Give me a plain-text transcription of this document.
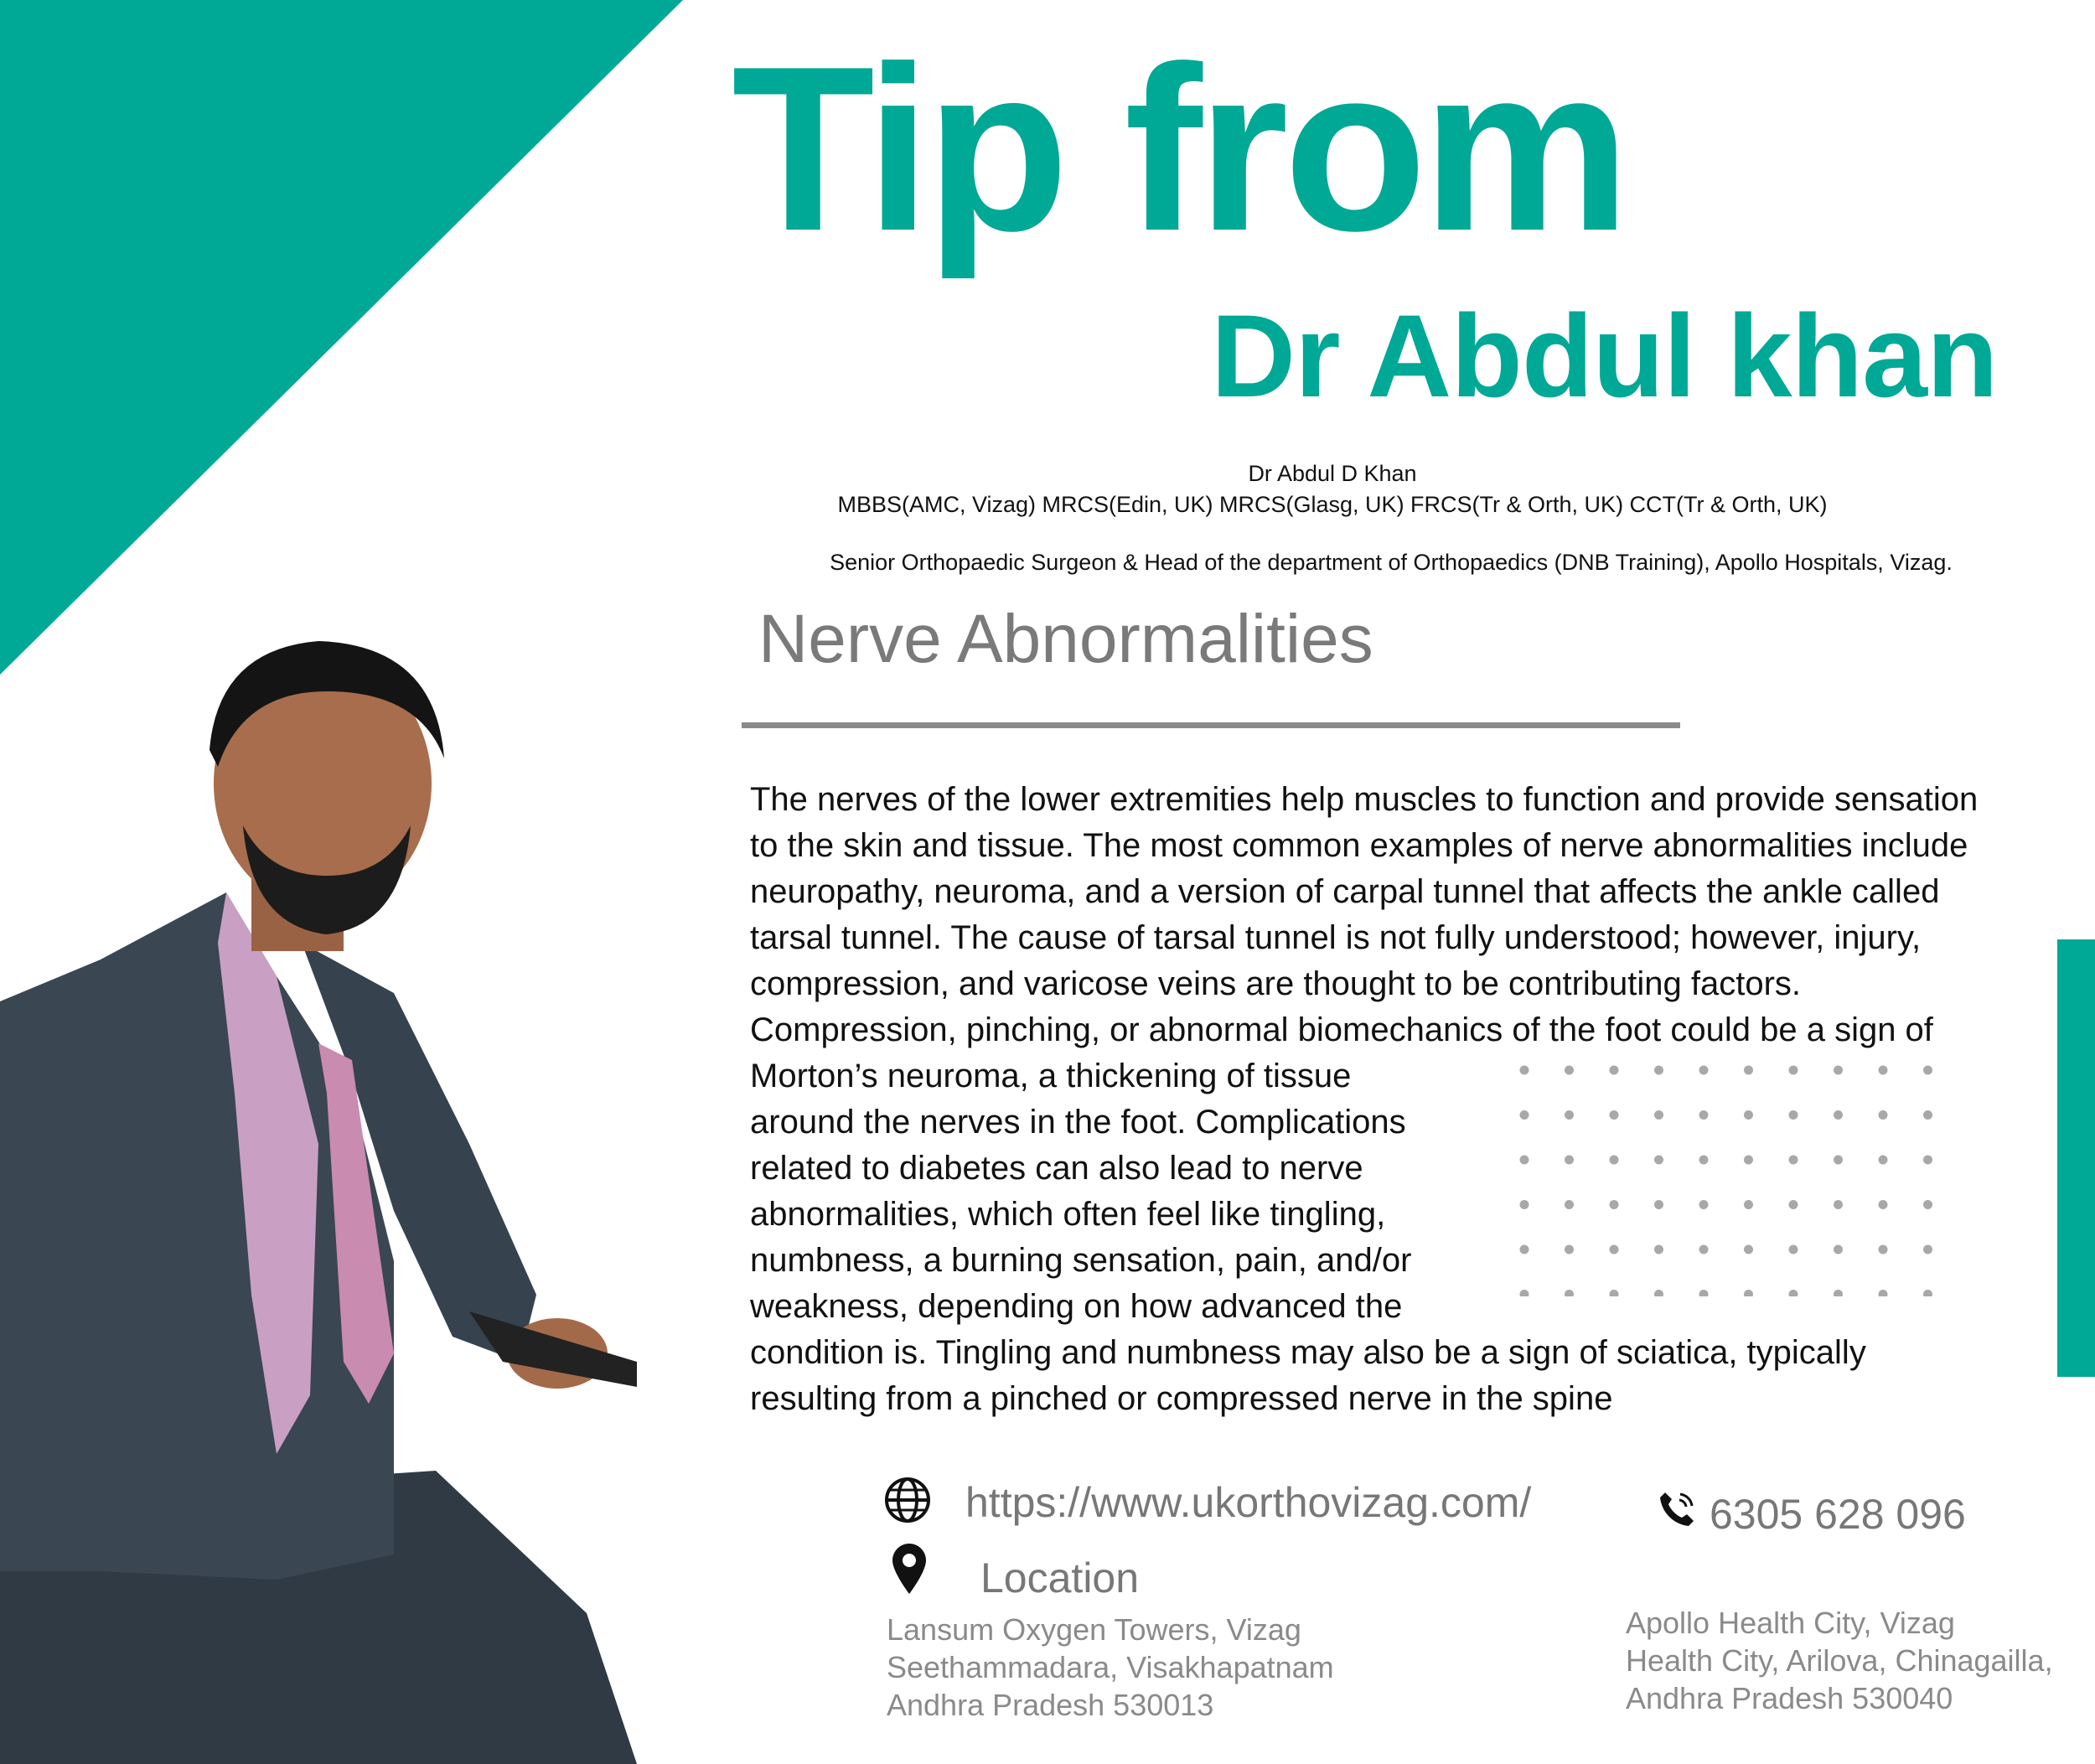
Tip from
Dr Abdul khan
Dr Abdul D Khan
MBBS(AMC, Vizag) MRCS(Edin, UK) MRCS(Glasg, UK) FRCS(Tr & Orth, UK) CCT(Tr & Orth, UK)
Senior Orthopaedic Surgeon & Head of the department of Orthopaedics (DNB Training), Apollo Hospitals, Vizag.
Nerve Abnormalities
The nerves of the lower extremities help muscles to function and provide sensation
to the skin and tissue. The most common examples of nerve abnormalities include
neuropathy, neuroma, and a version of carpal tunnel that affects the ankle called
tarsal tunnel. The cause of tarsal tunnel is not fully understood; however, injury,
compression, and varicose veins are thought to be contributing factors.
Compression, pinching, or abnormal biomechanics of the foot could be a sign of
Morton’s neuroma, a thickening of tissue
around the nerves in the foot. Complications
related to diabetes can also lead to nerve
abnormalities, which often feel like tingling,
numbness, a burning sensation, pain, and/or
weakness, depending on how advanced the
condition is. Tingling and numbness may also be a sign of sciatica, typically
resulting from a pinched or compressed nerve in the spine
https://www.ukorthovizag.com/
Location
6305 628 096
Lansum Oxygen Towers, Vizag
Seethammadara, Visakhapatnam
Andhra Pradesh 530013
Apollo Health City, Vizag
Health City, Arilova, Chinagailla,
Andhra Pradesh 530040
